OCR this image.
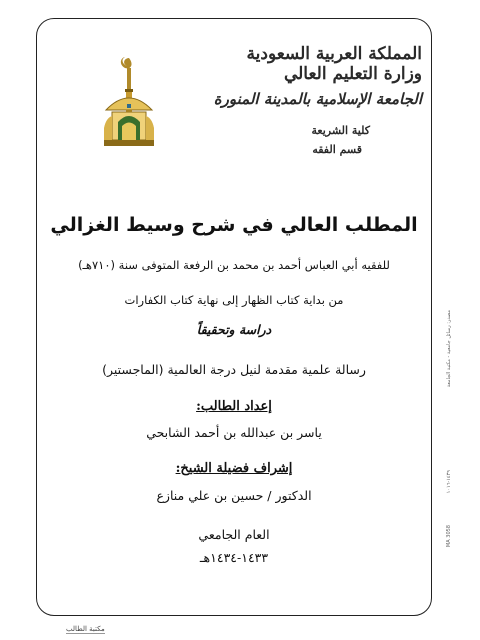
المملكة العربية السعودية
وزارة التعليم العالي
الجامعة الإسلامية بالمدينة المنورة
كلية الشريعة
قسم الفقه
المطلب العالي في شرح وسيط الغزالي
للفقيه أبي العباس أحمد بن محمد بن الرفعة المتوفى سنة (٧١٠هـ)
من بداية كتاب الظهار إلى نهاية كتاب الكفارات
دراسة وتحقيقاً
رسالة علمية مقدمة لنيل درجة العالمية (الماجستير)
إعداد الطالب:
ياسر بن عبدالله بن أحمد الشابحي
إشراف فضيلة الشيخ:
الدكتور / حسين بن علي منازع
العام الجامعي
١٤٣٣-١٤٣٤هـ
مصدر: رسائل جامعية - مكتبة الجامعة
١٤٣٩-١٠١٦
MA 3058
مكتبة الطالب
